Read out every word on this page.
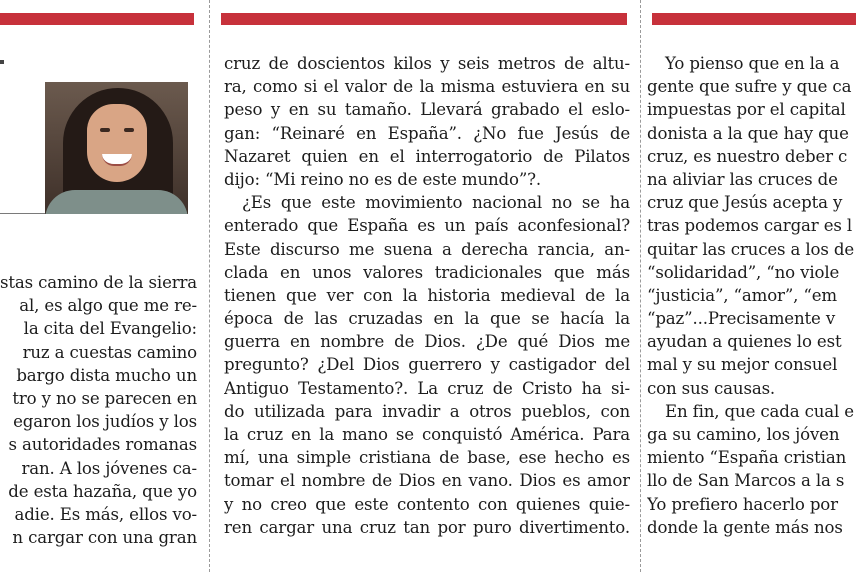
stas camino de la sierra
al, es algo que me re-
la cita del Evangelio:
ruz a cuestas camino
bargo dista mucho un
tro y no se parecen en
egaron los judíos y los
s autoridades romanas
ran. A los jóvenes ca-
de esta hazaña, que yo
adie. Es más, ellos vo-
n cargar con una gran
cruz de doscientos kilos y seis metros de altu-
ra, como si el valor de la misma estuviera en su
peso y en su tamaño. Llevará grabado el eslo-
gan: “Reinaré en España”. ¿No fue Jesús de
Nazaret quien en el interrogatorio de Pilatos
dijo: “Mi reino no es de este mundo”?.
¿Es que este movimiento nacional no se ha
enterado que España es un país aconfesional?
Este discurso me suena a derecha rancia, an-
clada en unos valores tradicionales que más
tienen que ver con la historia medieval de la
época de las cruzadas en la que se hacía la
guerra en nombre de Dios. ¿De qué Dios me
pregunto? ¿Del Dios guerrero y castigador del
Antiguo Testamento?. La cruz de Cristo ha si-
do utilizada para invadir a otros pueblos, con
la cruz en la mano se conquistó América. Para
mí, una simple cristiana de base, ese hecho es
tomar el nombre de Dios en vano. Dios es amor
y no creo que este contento con quienes quie-
ren cargar una cruz tan por puro divertimento.
Yo pienso que en la a
gente que sufre y que ca
impuestas por el capital
donista a la que hay que
cruz, es nuestro deber c
na aliviar las cruces de
cruz que Jesús acepta y
tras podemos cargar es l
quitar las cruces a los de
“solidaridad”, “no viole
“justicia”, “amor”, “em
“paz”...Precisamente v
ayudan a quienes lo est
mal y su mejor consuel
con sus causas.
En fin, que cada cual e
ga su camino, los jóven
miento “España cristian
llo de San Marcos a la s
Yo prefiero hacerlo por
donde la gente más nos
